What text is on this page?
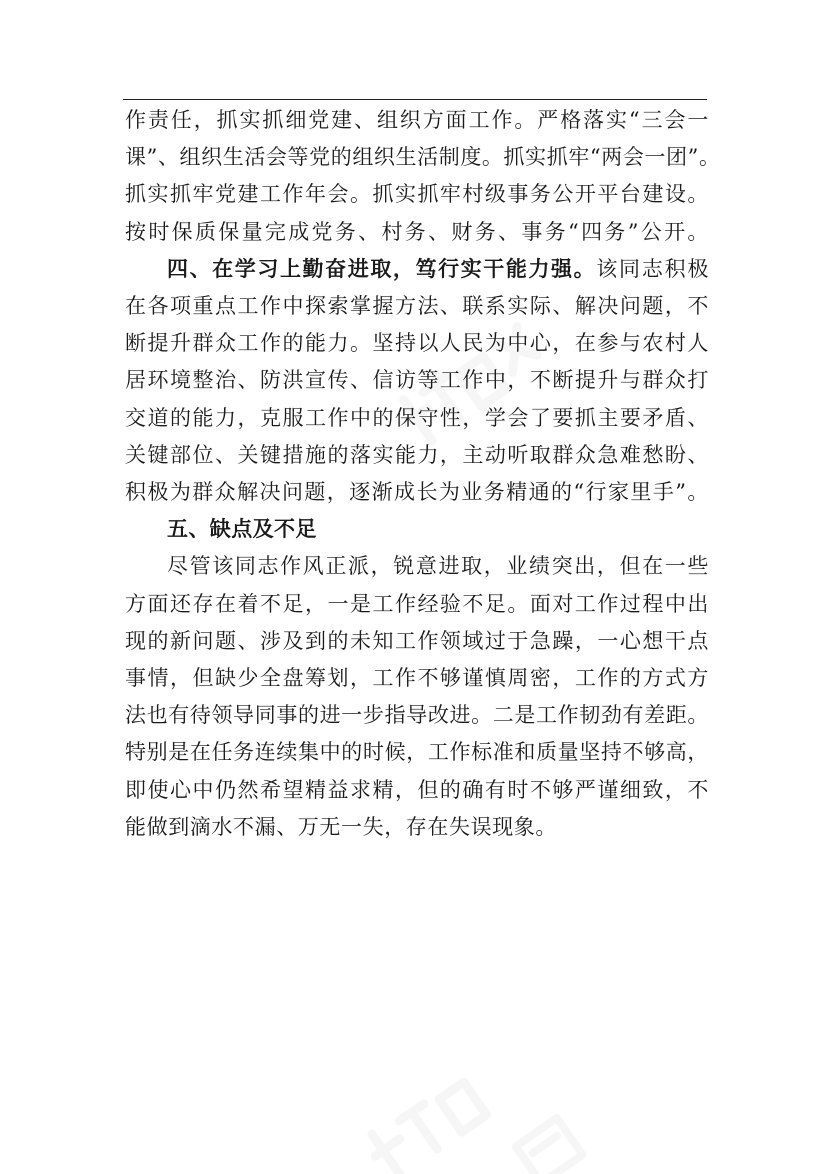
作责任，抓实抓细党建、组织方面工作。严格落实“三会一
课”、组织生活会等党的组织生活制度。抓实抓牢“两会一团”。
抓实抓牢党建工作年会。抓实抓牢村级事务公开平台建设。
按时保质保量完成党务、村务、财务、事务“四务”公开。
四、在学习上勤奋进取，笃行实干能力强。该同志积极
在各项重点工作中探索掌握方法、联系实际、解决问题，不
断提升群众工作的能力。坚持以人民为中心，在参与农村人
居环境整治、防洪宣传、信访等工作中，不断提升与群众打
交道的能力，克服工作中的保守性，学会了要抓主要矛盾、
关键部位、关键措施的落实能力，主动听取群众急难愁盼、
积极为群众解决问题，逐渐成长为业务精通的“行家里手”。
五、缺点及不足
尽管该同志作风正派，锐意进取，业绩突出，但在一些
方面还存在着不足，一是工作经验不足。面对工作过程中出
现的新问题、涉及到的未知工作领域过于急躁，一心想干点
事情，但缺少全盘筹划，工作不够谨慎周密，工作的方式方
法也有待领导同事的进一步指导改进。二是工作韧劲有差距。
特别是在任务连续集中的时候，工作标准和质量坚持不够高，
即使心中仍然希望精益求精，但的确有时不够严谨细致，不
能做到滴水不漏、万无一失，存在失误现象。
